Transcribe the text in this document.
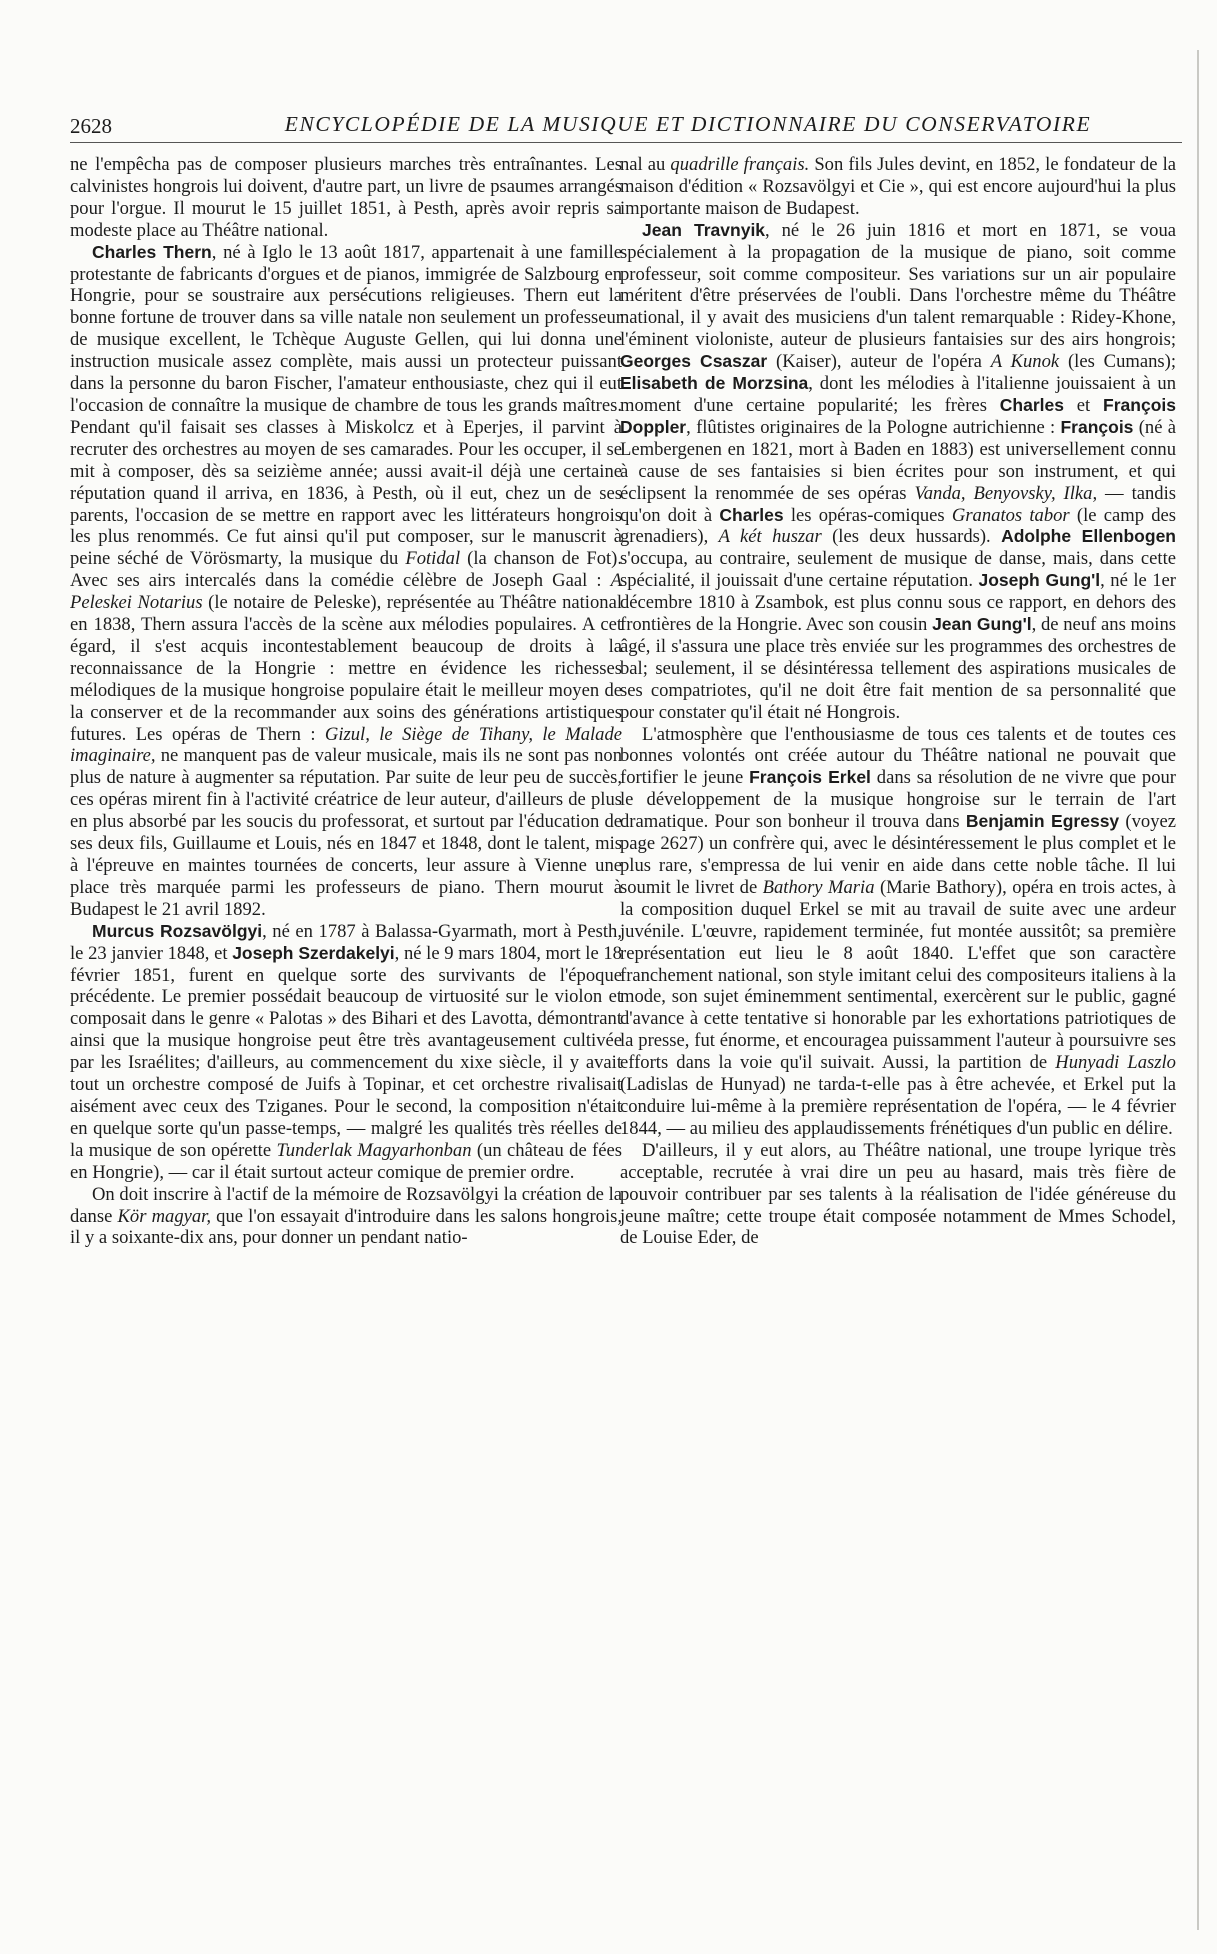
2628	ENCYCLOPÉDIE DE LA MUSIQUE ET DICTIONNAIRE DU CONSERVATOIRE

ne l'empêcha pas de composer plusieurs marches très entraînantes. Les calvinistes hongrois lui doivent, d'autre part, un livre de psaumes arrangés pour l'orgue. Il mourut le 15 juillet 1851, à Pesth, après avoir repris sa modeste place au Théâtre national.

Charles Thern, né à Iglo le 13 août 1817, appartenait à une famille protestante de fabricants d'orgues et de pianos, immigrée de Salzbourg en Hongrie, pour se soustraire aux persécutions religieuses. Thern eut la bonne fortune de trouver dans sa ville natale non seulement un professeur de musique excellent, le Tchèque Auguste Gellen, qui lui donna une instruction musicale assez complète, mais aussi un protecteur puissant dans la personne du baron Fischer, l'amateur enthousiaste, chez qui il eut l'occasion de connaître la musique de chambre de tous les grands maîtres. Pendant qu'il faisait ses classes à Miskolcz et à Eperjes, il parvint à recruter des orchestres au moyen de ses camarades. Pour les occuper, il se mit à composer, dès sa seizième année; aussi avait-il déjà une certaine réputation quand il arriva, en 1836, à Pesth, où il eut, chez un de ses parents, l'occasion de se mettre en rapport avec les littérateurs hongrois les plus renommés. Ce fut ainsi qu'il put composer, sur le manuscrit à peine séché de Vörösmarty, la musique du Fotidal (la chanson de Fot). Avec ses airs intercalés dans la comédie célèbre de Joseph Gaal : A Peleskei Notarius (le notaire de Peleske), représentée au Théâtre national en 1838, Thern assura l'accès de la scène aux mélodies populaires. A cet égard, il s'est acquis incontestablement beaucoup de droits à la reconnaissance de la Hongrie : mettre en évidence les richesses mélodiques de la musique hongroise populaire était le meilleur moyen de la conserver et de la recommander aux soins des générations artistiques futures. Les opéras de Thern : Gizul, le Siège de Tihany, le Malade imaginaire, ne manquent pas de valeur musicale, mais ils ne sont pas non plus de nature à augmenter sa réputation. Par suite de leur peu de succès, ces opéras mirent fin à l'activité créatrice de leur auteur, d'ailleurs de plus en plus absorbé par les soucis du professorat, et surtout par l'éducation de ses deux fils, Guillaume et Louis, nés en 1847 et 1848, dont le talent, mis à l'épreuve en maintes tournées de concerts, leur assure à Vienne une place très marquée parmi les professeurs de piano. Thern mourut à Budapest le 21 avril 1892.

Murcus Rozsavölgyi, né en 1787 à Balassa-Gyarmath, mort à Pesth, le 23 janvier 1848, et Joseph Szerdakelyi, né le 9 mars 1804, mort le 18 février 1851, furent en quelque sorte des survivants de l'époque précédente. Le premier possédait beaucoup de virtuosité sur le violon et composait dans le genre « Palotas » des Bihari et des Lavotta, démontrant ainsi que la musique hongroise peut être très avantageusement cultivée par les Israélites; d'ailleurs, au commencement du xixe siècle, il y avait tout un orchestre composé de Juifs à Topinar, et cet orchestre rivalisait aisément avec ceux des Tziganes. Pour le second, la composition n'était en quelque sorte qu'un passe-temps, — malgré les qualités très réelles de la musique de son opérette Tunderlak Magyarhonban (un château de fées en Hongrie), — car il était surtout acteur comique de premier ordre.

On doit inscrire à l'actif de la mémoire de Rozsavölgyi la création de la danse Kör magyar, que l'on essayait d'introduire dans les salons hongrois, il y a soixante-dix ans, pour donner un pendant natio-

nal au quadrille français. Son fils Jules devint, en 1852, le fondateur de la maison d'édition « Rozsavölgyi et Cie », qui est encore aujourd'hui la plus importante maison de Budapest.

Jean Travnyik, né le 26 juin 1816 et mort en 1871, se voua spécialement à la propagation de la musique de piano, soit comme professeur, soit comme compositeur. Ses variations sur un air populaire méritent d'être préservées de l'oubli. Dans l'orchestre même du Théâtre national, il y avait des musiciens d'un talent remarquable : Ridey-Khone, l'éminent violoniste, auteur de plusieurs fantaisies sur des airs hongrois; Georges Csaszar (Kaiser), auteur de l'opéra A Kunok (les Cumans); Elisabeth de Morzsina, dont les mélodies à l'italienne jouissaient à un moment d'une certaine popularité; les frères Charles et François Doppler, flûtistes originaires de la Pologne autrichienne : François (né à Lembergenen en 1821, mort à Baden en 1883) est universellement connu à cause de ses fantaisies si bien écrites pour son instrument, et qui éclipsent la renommée de ses opéras Vanda, Benyovsky, Ilka, — tandis qu'on doit à Charles les opéras-comiques Granatos tabor (le camp des grenadiers), A két huszar (les deux hussards). Adolphe Ellenbogen s'occupa, au contraire, seulement de musique de danse, mais, dans cette spécialité, il jouissait d'une certaine réputation. Joseph Gung'l, né le 1er décembre 1810 à Zsambok, est plus connu sous ce rapport, en dehors des frontières de la Hongrie. Avec son cousin Jean Gung'l, de neuf ans moins âgé, il s'assura une place très enviée sur les programmes des orchestres de bal; seulement, il se désintéressa tellement des aspirations musicales de ses compatriotes, qu'il ne doit être fait mention de sa personnalité que pour constater qu'il était né Hongrois.

L'atmosphère que l'enthousiasme de tous ces talents et de toutes ces bonnes volontés ont créée autour du Théâtre national ne pouvait que fortifier le jeune François Erkel dans sa résolution de ne vivre que pour le développement de la musique hongroise sur le terrain de l'art dramatique. Pour son bonheur il trouva dans Benjamin Egressy (voyez page 2627) un confrère qui, avec le désintéressement le plus complet et le plus rare, s'empressa de lui venir en aide dans cette noble tâche. Il lui soumit le livret de Bathory Maria (Marie Bathory), opéra en trois actes, à la composition duquel Erkel se mit au travail de suite avec une ardeur juvénile. L'œuvre, rapidement terminée, fut montée aussitôt; sa première représentation eut lieu le 8 août 1840. L'effet que son caractère franchement national, son style imitant celui des compositeurs italiens à la mode, son sujet éminemment sentimental, exercèrent sur le public, gagné d'avance à cette tentative si honorable par les exhortations patriotiques de la presse, fut énorme, et encouragea puissamment l'auteur à poursuivre ses efforts dans la voie qu'il suivait. Aussi, la partition de Hunyadi Laszlo (Ladislas de Hunyad) ne tarda-t-elle pas à être achevée, et Erkel put la conduire lui-même à la première représentation de l'opéra, — le 4 février 1844, — au milieu des applaudissements frénétiques d'un public en délire.

D'ailleurs, il y eut alors, au Théâtre national, une troupe lyrique très acceptable, recrutée à vrai dire un peu au hasard, mais très fière de pouvoir contribuer par ses talents à la réalisation de l'idée généreuse du jeune maître; cette troupe était composée notamment de Mmes Schodel, de Louise Eder, de
